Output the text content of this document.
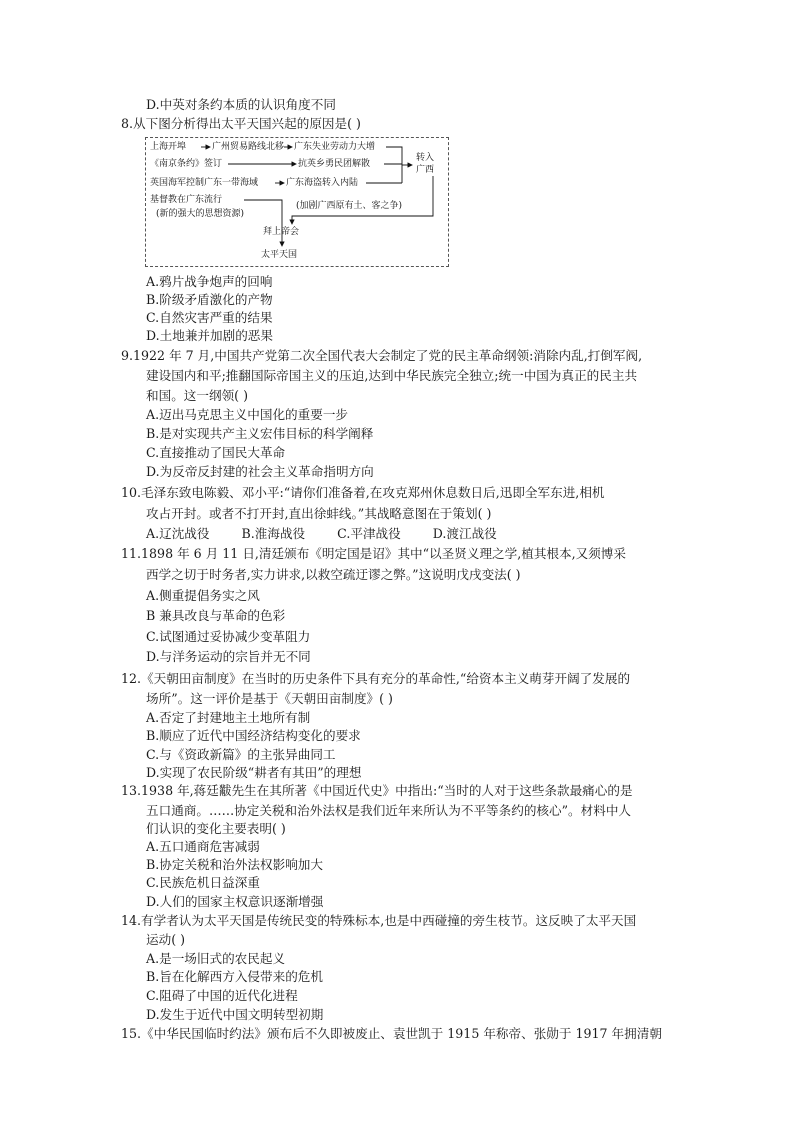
D.中英对条约本质的认识角度不同
8.从下图分析得出太平天国兴起的原因是( )
上海开埠	广州贸易路线北移 广东失业劳动力大增
《南京条约》签订	抗英乡勇民团解散
转入
广西
英国海军控制广东一带海域	广东海盗转入内陆
基督教在广东流行
(新的强大的思想资源)
(加剧广西原有土、客之争)
拜上帝会
太平天国
A.鸦片战争炮声的回响
B.阶级矛盾激化的产物
C.自然灾害严重的结果
D.土地兼并加剧的恶果
9.1922 年 7 月,中国共产党第二次全国代表大会制定了党的民主革命纲领:消除内乱,打倒军阀,
建设国内和平;推翻国际帝国主义的压迫,达到中华民族完全独立;统一中国为真正的民主共
和国。这一纲领( )
A.迈出马克思主义中国化的重要一步
B.是对实现共产主义宏伟目标的科学阐释
C.直接推动了国民大革命
D.为反帝反封建的社会主义革命指明方向
10.毛泽东致电陈毅、邓小平:“请你们准备着,在攻克郑州休息数日后,迅即全军东进,相机
攻占开封。或者不打开封,直出徐蚌线。”其战略意图在于策划( )
A.辽沈战役        B.淮海战役        C.平津战役        D.渡江战役
11.1898 年 6 月 11 日,清廷颁布《明定国是诏》其中“以圣贤义理之学,植其根本,又须博采
西学之切于时务者,实力讲求,以救空疏迂谬之弊。”这说明戊戌变法( )
A.侧重提倡务实之风
B 兼具改良与革命的色彩
C.试图通过妥协减少变革阻力
D.与洋务运动的宗旨并无不同
12.《天朝田亩制度》在当时的历史条件下具有充分的革命性,“给资本主义萌芽开阔了发展的
场所”。这一评价是基于《天朝田亩制度》( )
A.否定了封建地主土地所有制
B.顺应了近代中国经济结构变化的要求
C.与《资政新篇》的主张异曲同工
D.实现了农民阶级“耕者有其田”的理想
13.1938 年,蒋廷黻先生在其所著《中国近代史》中指出:“当时的人对于这些条款最痛心的是
五口通商。……协定关税和治外法权是我们近年来所认为不平等条约的核心”。材料中人
们认识的变化主要表明( )
A.五口通商危害减弱
B.协定关税和治外法权影响加大
C.民族危机日益深重
D.人们的国家主权意识逐渐增强
14.有学者认为太平天国是传统民变的特殊标本,也是中西碰撞的旁生枝节。这反映了太平天国
运动( )
A.是一场旧式的农民起义
B.旨在化解西方入侵带来的危机
C.阻碍了中国的近代化进程
D.发生于近代中国文明转型初期
15.《中华民国临时约法》颁布后不久即被废止、袁世凯于 1915 年称帝、张勋于 1917 年拥清朝
